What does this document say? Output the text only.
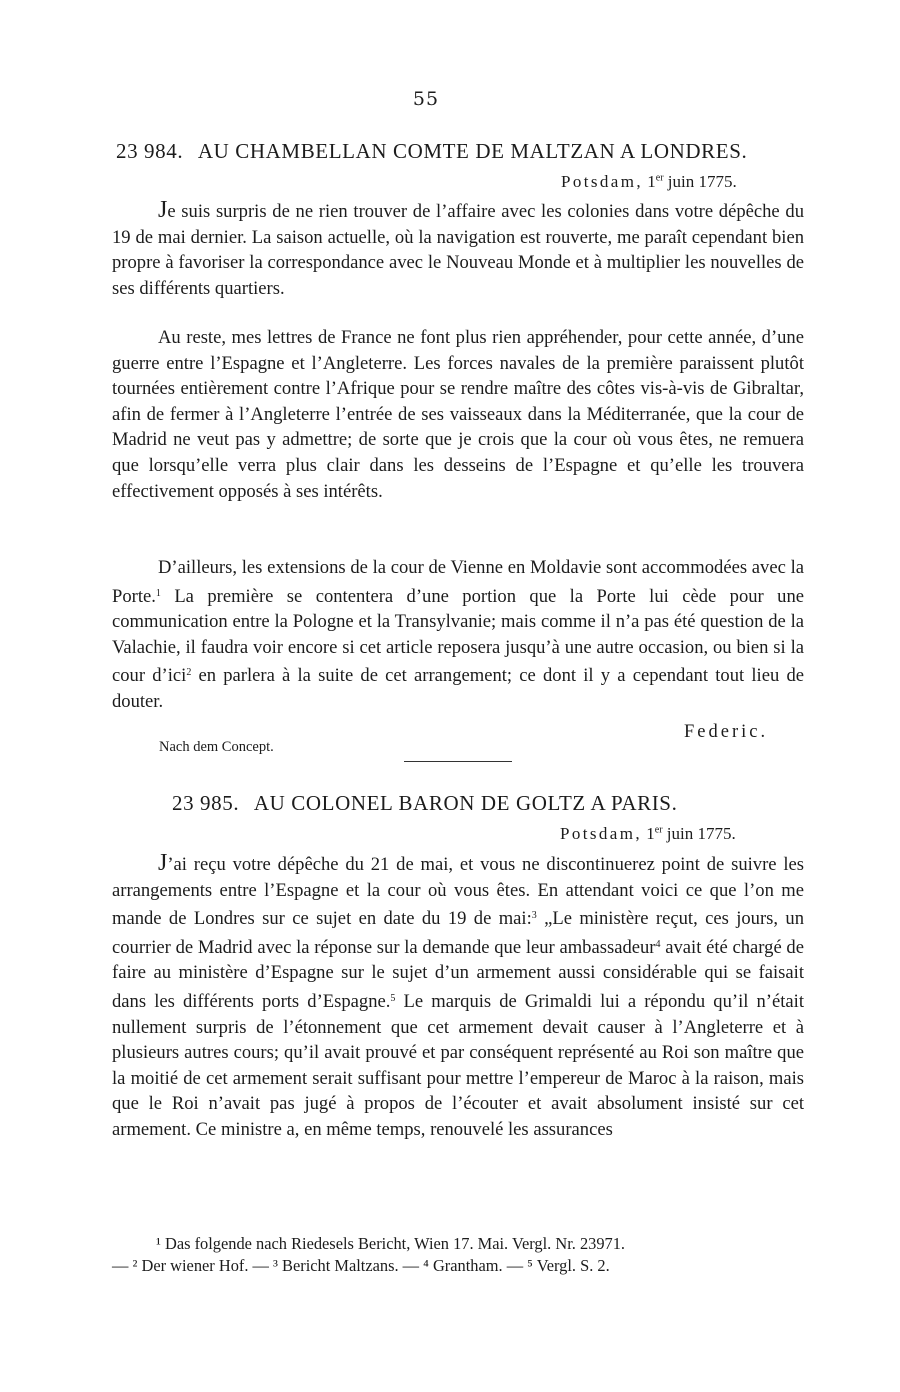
55
23 984. AU CHAMBELLAN COMTE DE MALTZAN A LONDRES.
Potsdam, 1er juin 1775.

Je suis surpris de ne rien trouver de l’affaire avec les colonies dans votre dépêche du 19 de mai dernier. La saison actuelle, où la navigation est rouverte, me paraît cependant bien propre à favoriser la correspondance avec le Nouveau Monde et à multiplier les nouvelles de ses différents quartiers.

Au reste, mes lettres de France ne font plus rien appréhender, pour cette année, d’une guerre entre l’Espagne et l’Angleterre. Les forces navales de la première paraissent plutôt tournées entièrement contre l’Afrique pour se rendre maître des côtes vis-à-vis de Gibraltar, afin de fermer à l’Angleterre l’entrée de ses vaisseaux dans la Méditerranée, que la cour de Madrid ne veut pas y admettre; de sorte que je crois que la cour où vous êtes, ne remuera que lorsqu’elle verra plus clair dans les desseins de l’Espagne et qu’elle les trouvera effectivement opposés à ses intérêts.

D’ailleurs, les extensions de la cour de Vienne en Moldavie sont accommodées avec la Porte.$^1$ La première se contentera d’une portion que la Porte lui cède pour une communication entre la Pologne et la Transylvanie; mais comme il n’a pas été question de la Valachie, il faudra voir encore si cet article reposera jusqu’à une autre occasion, ou bien si la cour d’ici$^2$ en parlera à la suite de cet arrangement; ce dont il y a cependant tout lieu de douter.

Federic.
Nach dem Concept.
23 985. AU COLONEL BARON DE GOLTZ A PARIS.
Potsdam, 1er juin 1775.

J’ai reçu votre dépêche du 21 de mai, et vous ne discontinuerez point de suivre les arrangements entre l’Espagne et la cour où vous êtes. En attendant voici ce que l’on me mande de Londres sur ce sujet en date du 19 de mai:$^3$ „Le ministère reçut, ces jours, un courrier de Madrid avec la réponse sur la demande que leur ambassadeur$^4$ avait été chargé de faire au ministère d’Espagne sur le sujet d’un armement aussi considérable qui se faisait dans les différents ports d’Espagne.$^5$ Le marquis de Grimaldi lui a répondu qu’il n’était nullement surpris de l’étonnement que cet armement devait causer à l’Angleterre et à plusieurs autres cours; qu’il avait prouvé et par conséquent représenté au Roi son maître que la moitié de cet armement serait suffisant pour mettre l’empereur de Maroc à la raison, mais que le Roi n’avait pas jugé à propos de l’écouter et avait absolument insisté sur cet armement. Ce ministre a, en même temps, renouvelé les assurances

¹ Das folgende nach Riedesels Bericht, Wien 17. Mai. Vergl. Nr. 23971.
— ² Der wiener Hof. — ³ Bericht Maltzans. — ⁴ Grantham. — ⁵ Vergl. S. 2.
